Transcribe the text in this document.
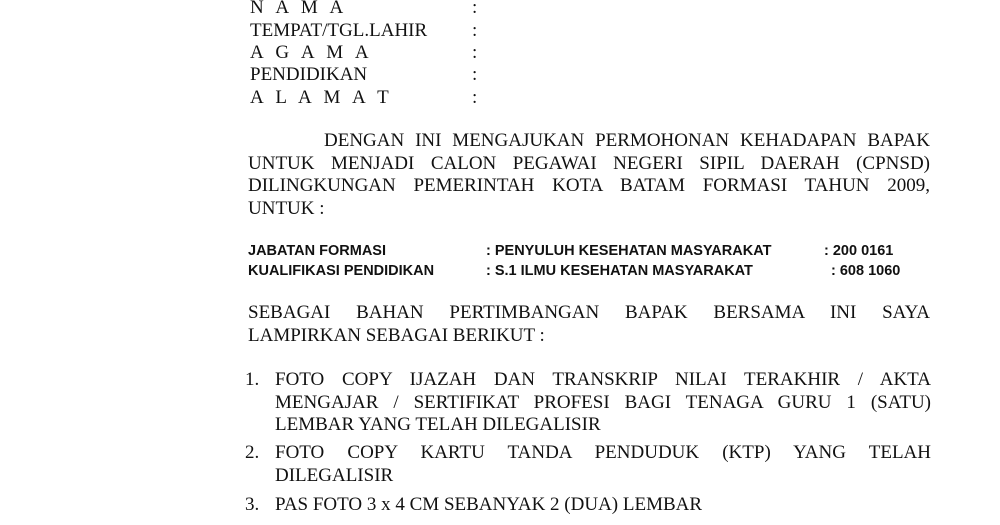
N A M A	:
TEMPAT/TGL.LAHIR :
A G A M A	:
PENDIDIKAN	:
A L A M A T	:
DENGAN INI MENGAJUKAN PERMOHONAN KEHADAPAN BAPAK
UNTUK MENJADI CALON PEGAWAI NEGERI SIPIL DAERAH (CPNSD)
DILINGKUNGAN PEMERINTAH KOTA BATAM FORMASI TAHUN 2009,
UNTUK :
JABATAN FORMASI	: PENYULUH KESEHATAN MASYARAKAT	: 200 0161
KUALIFIKASI PENDIDIKAN	: S.1 ILMU KESEHATAN MASYARAKAT	: 608 1060
SEBAGAI BAHAN PERTIMBANGAN BAPAK BERSAMA INI SAYA
LAMPIRKAN SEBAGAI BERIKUT :
1. FOTO COPY IJAZAH DAN TRANSKRIP NILAI TERAKHIR / AKTA
MENGAJAR / SERTIFIKAT PROFESI BAGI TENAGA GURU 1 (SATU)
LEMBAR YANG TELAH DILEGALISIR
2. FOTO COPY KARTU TANDA PENDUDUK (KTP) YANG TELAH
DILEGALISIR
3. PAS FOTO 3 x 4 CM SEBANYAK 2 (DUA) LEMBAR
